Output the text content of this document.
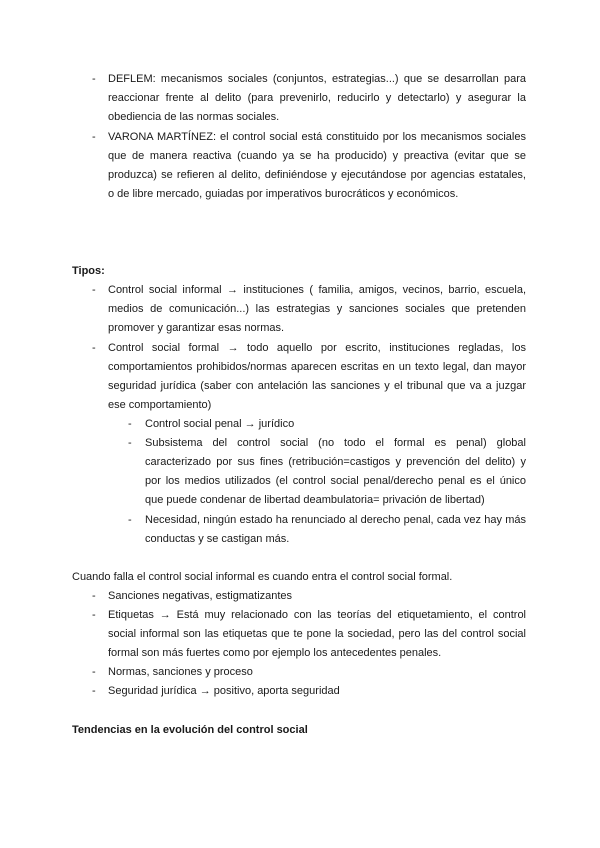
- DEFLEM: mecanismos sociales (conjuntos, estrategias...) que se desarrollan para
reaccionar frente al delito (para prevenirlo, reducirlo y detectarlo) y asegurar la
obediencia de las normas sociales.
- VARONA MARTÍNEZ: el control social está constituido por los mecanismos sociales
que de manera reactiva (cuando ya se ha producido) y preactiva (evitar que se
produzca) se refieren al delito, definiéndose y ejecutándose por agencias estatales,
o de libre mercado, guiadas por imperativos burocráticos y económicos.
Tipos:
- Control social informal → instituciones ( familia, amigos, vecinos, barrio, escuela,
medios de comunicación...) las estrategias y sanciones sociales que pretenden
promover y garantizar esas normas.
- Control social formal → todo aquello por escrito, instituciones regladas, los
comportamientos prohibidos/normas aparecen escritas en un texto legal, dan mayor
seguridad jurídica (saber con antelación las sanciones y el tribunal que va a juzgar
ese comportamiento)
- Control social penal → jurídico
- Subsistema del control social (no todo el formal es penal) global
caracterizado por sus fines (retribución=castigos y prevención del delito) y
por los medios utilizados (el control social penal/derecho penal es el único
que puede condenar de libertad deambulatoria= privación de libertad)
- Necesidad, ningún estado ha renunciado al derecho penal, cada vez hay más
conductas y se castigan más.
Cuando falla el control social informal es cuando entra el control social formal.
- Sanciones negativas, estigmatizantes
- Etiquetas → Está muy relacionado con las teorías del etiquetamiento, el control
social informal son las etiquetas que te pone la sociedad, pero las del control social
formal son más fuertes como por ejemplo los antecedentes penales.
- Normas, sanciones y proceso
- Seguridad jurídica → positivo, aporta seguridad
Tendencias en la evolución del control social
